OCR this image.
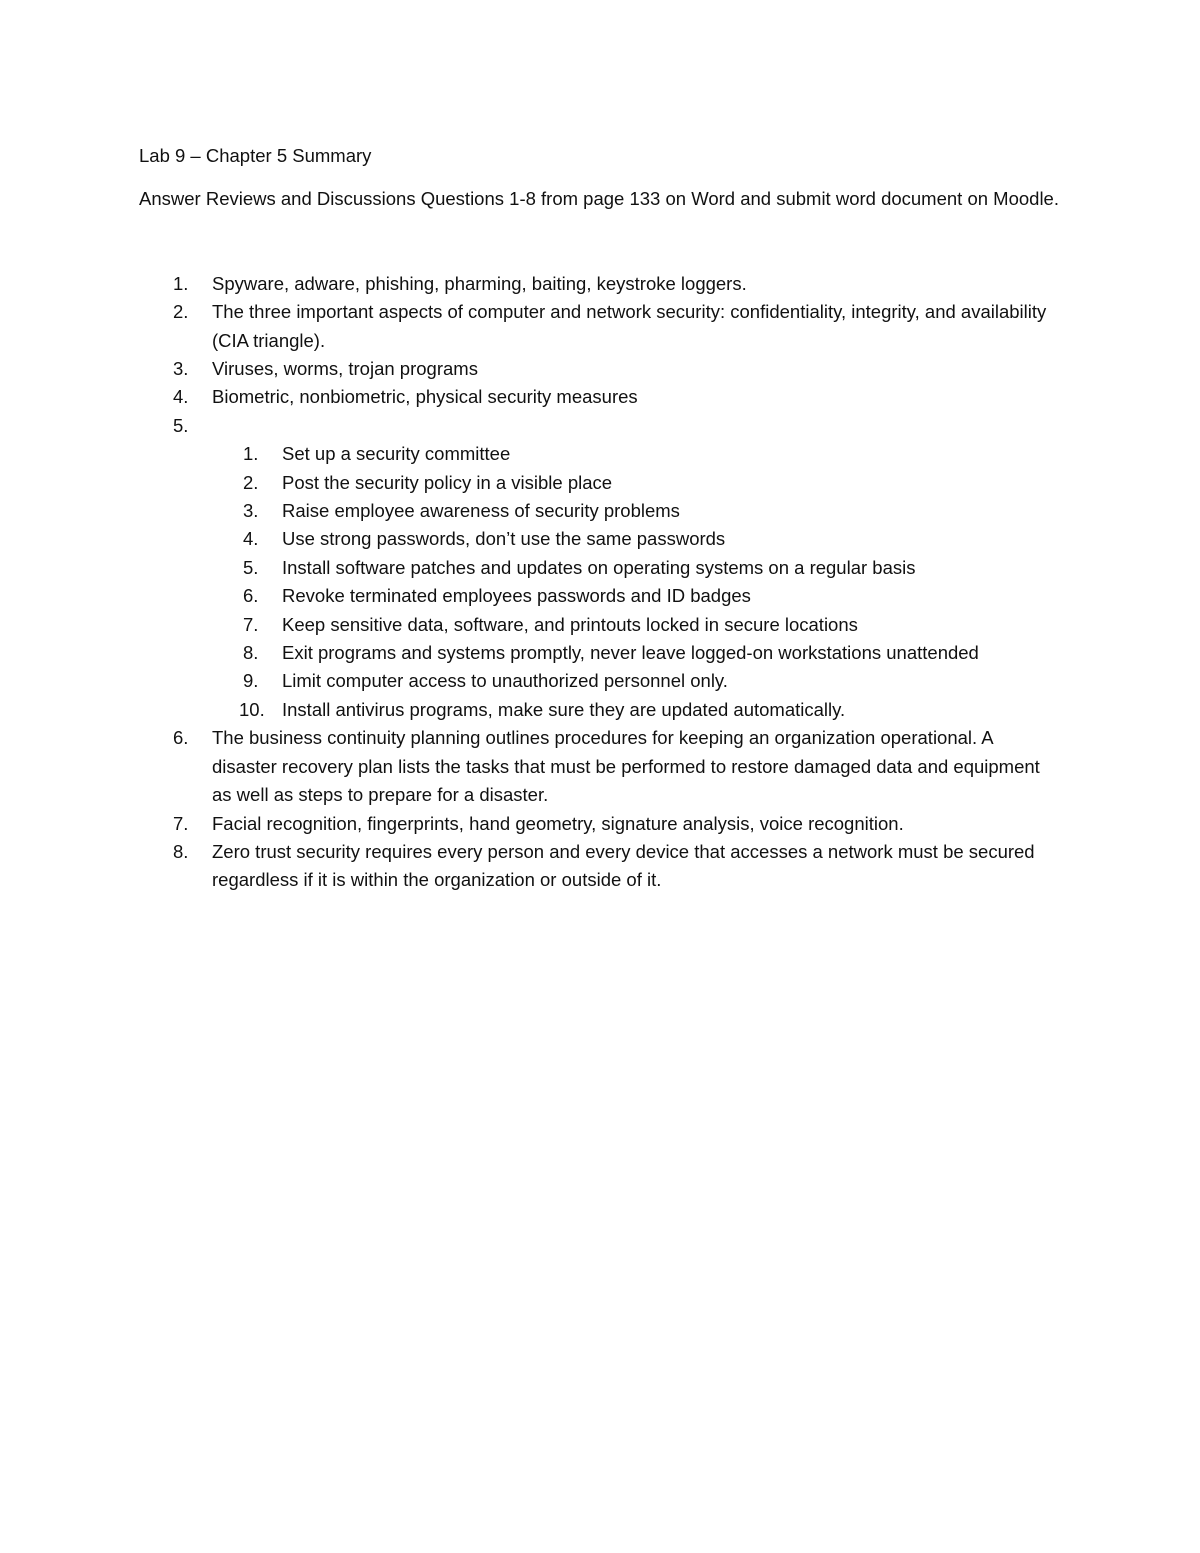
Lab 9 – Chapter 5 Summary

Answer Reviews and Discussions Questions 1-8 from page 133 on Word and submit word document on Moodle.

1. Spyware, adware, phishing, pharming, baiting, keystroke loggers.
2. The three important aspects of computer and network security: confidentiality, integrity, and availability (CIA triangle).
3. Viruses, worms, trojan programs
4. Biometric, nonbiometric, physical security measures
5.

1. Set up a security committee
2. Post the security policy in a visible place
3. Raise employee awareness of security problems
4. Use strong passwords, don’t use the same passwords
5. Install software patches and updates on operating systems on a regular basis
6. Revoke terminated employees passwords and ID badges
7. Keep sensitive data, software, and printouts locked in secure locations
8. Exit programs and systems promptly, never leave logged-on workstations unattended
9. Limit computer access to unauthorized personnel only.
10. Install antivirus programs, make sure they are updated automatically.
6. The business continuity planning outlines procedures for keeping an organization operational. A disaster recovery plan lists the tasks that must be performed to restore damaged data and equipment as well as steps to prepare for a disaster.
7. Facial recognition, fingerprints, hand geometry, signature analysis, voice recognition.
8. Zero trust security requires every person and every device that accesses a network must be secured regardless if it is within the organization or outside of it.
